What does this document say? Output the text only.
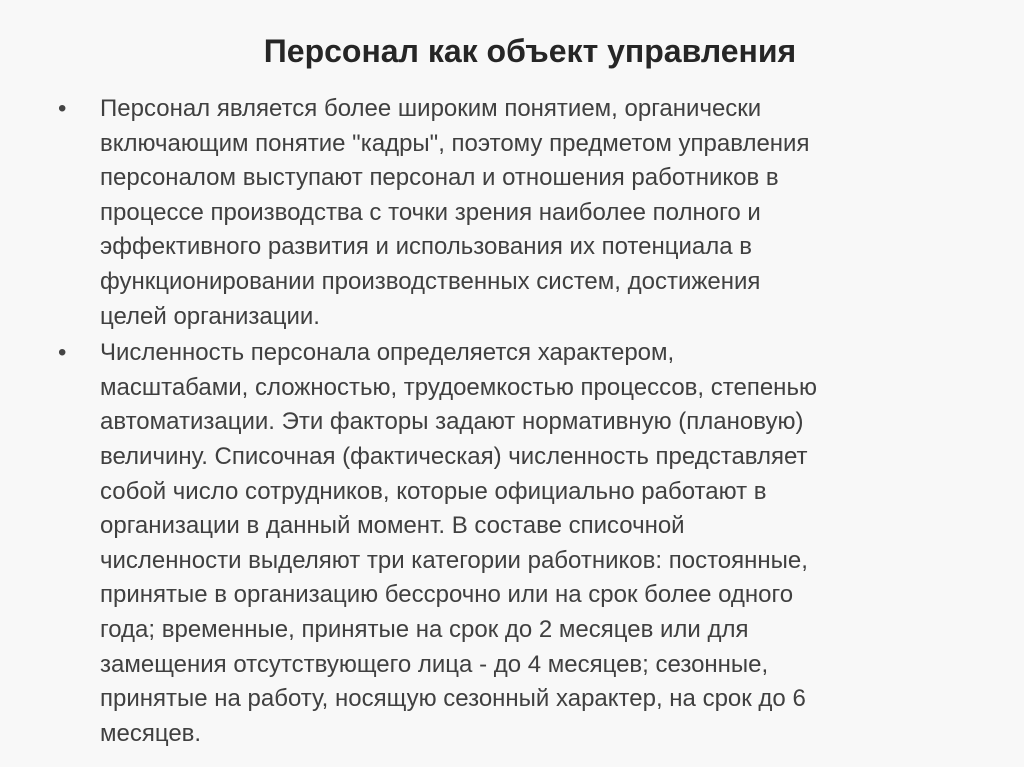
Персонал как объект управления
• Персонал является более широким понятием, органически
включающим понятие "кадры", поэтому предметом управления
персоналом выступают персонал и отношения работников в
процессе производства с точки зрения наиболее полного и
эффективного развития и использования их потенциала в
функционировании производственных систем, достижения
целей организации.

• Численность персонала определяется характером,
масштабами, сложностью, трудоемкостью процессов, степенью
автоматизации. Эти факторы задают нормативную (плановую)
величину. Списочная (фактическая) численность представляет
собой число сотрудников, которые официально работают в
организации в данный момент. В составе списочной
численности выделяют три категории работников: постоянные,
принятые в организацию бессрочно или на срок более одного
года; временные, принятые на срок до 2 месяцев или для
замещения отсутствующего лица - до 4 месяцев; сезонные,
принятые на работу, носящую сезонный характер, на срок до 6
месяцев.
